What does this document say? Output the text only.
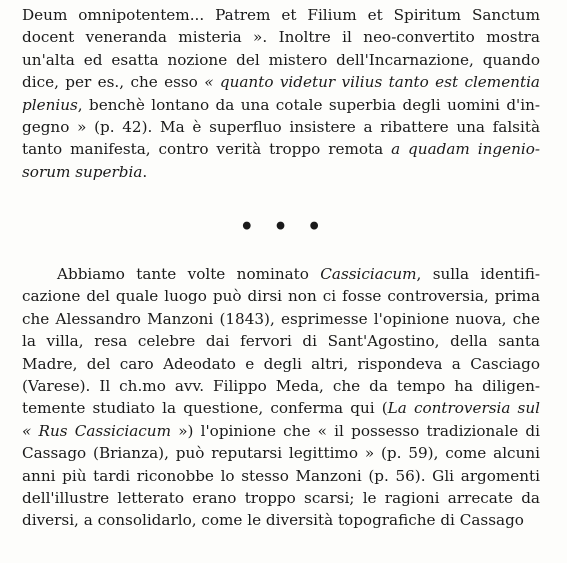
Deum omnipotentem... Patrem et Filium et Spiritum Sanctum
docent veneranda misteria ». Inoltre il neo-convertito mostra
un'alta ed esatta nozione del mistero dell'Incarnazione, quando
dice, per es., che esso « quanto videtur vilius tanto est clementia
plenius, benchè lontano da una cotale superbia degli uomini d'in-
gegno » (p. 42). Ma è superfluo insistere a ribattere una falsità
tanto manifesta, contro verità troppo remota a quadam ingenio-
sorum superbia.
• • •
Abbiamo tante volte nominato Cassiciacum, sulla identifi-
cazione del quale luogo può dirsi non ci fosse controversia, prima
che Alessandro Manzoni (1843), esprimesse l'opinione nuova, che
la villa, resa celebre dai fervori di Sant'Agostino, della santa
Madre, del caro Adeodato e degli altri, rispondeva a Casciago
(Varese). Il ch.mo avv. Filippo Meda, che da tempo ha diligen-
temente studiato la questione, conferma qui (La controversia sul
« Rus Cassiciacum ») l'opinione che « il possesso tradizionale di
Cassago (Brianza), può reputarsi legittimo » (p. 59), come alcuni
anni più tardi riconobbe lo stesso Manzoni (p. 56). Gli argomenti
dell'illustre letterato erano troppo scarsi; le ragioni arrecate da
diversi, a consolidarlo, come le diversità topografiche di Cassago
